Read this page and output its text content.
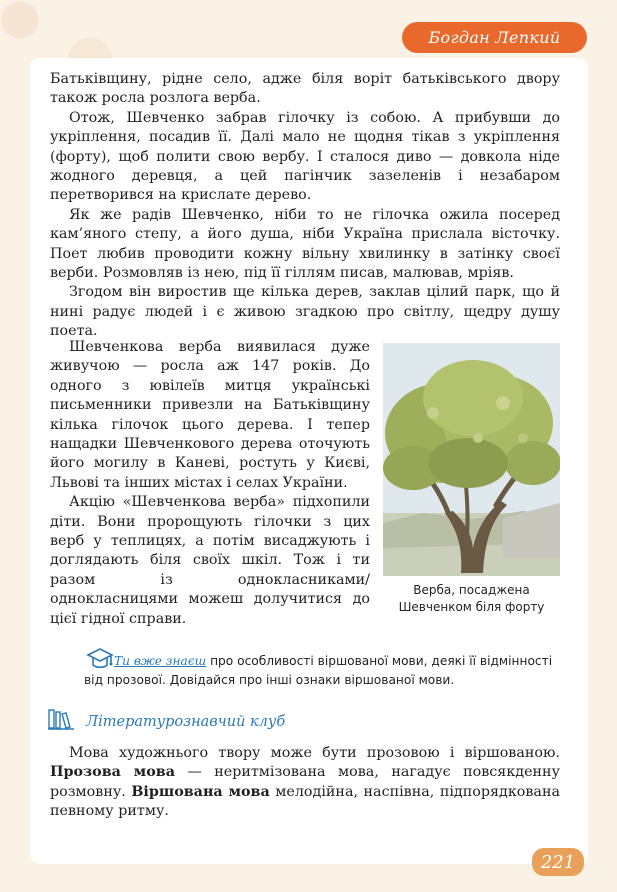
Богдан Лепкий

Батьківщину, рідне село, адже біля воріт батьківського двору також росла розлога верба.

Отож, Шевченко забрав гілочку із собою. А прибувши до укріплення, посадив її. Далі мало не щодня тікав з укріплення (форту), щоб полити свою вербу. І сталося диво — довкола ніде жодного деревця, а цей пагінчик зазеленів і незабаром перетворився на крислате дерево.

Як же радів Шевченко, ніби то не гілочка ожила посеред кам’яного степу, а його душа, ніби Україна прислала вісточку. Поет любив проводити кожну вільну хвилинку в затінку своєї верби. Розмовляв із нею, під її гіллям писав, малював, мріяв.

Згодом він виростив ще кілька дерев, заклав цілий парк, що й нині радує людей і є живою згадкою про світлу, щедру душу поета.

Шевченкова верба виявилася дуже живучою — росла аж 147 років. До одного з ювілеїв митця українські письменники привезли на Батьківщину кілька гілочок цього дерева. І тепер нащадки Шевченкового дерева оточують його могилу в Каневі, ростуть у Києві, Львові та інших містах і селах України.

Акцію «Шевченкова верба» підхопили діти. Вони пророщують гілочки з цих верб у теплицях, а потім висаджують і доглядають біля своїх шкіл. Тож і ти разом із однокласниками/однокласницями можеш долучитися до цієї гідної справи.

Верба, посаджена Шевченком біля форту
Ти вже знаєш про особливості віршованої мови, деякі її відмінності від прозової. Довідайся про інші ознаки віршованої мови.
Літературознавчий клуб

Мова художнього твору може бути прозовою і віршованою. Прозова мова — неритмізована мова, нагадує повсякденну розмовну. Віршована мова мелодійна, наспівна, підпорядкована певному ритму.

221
